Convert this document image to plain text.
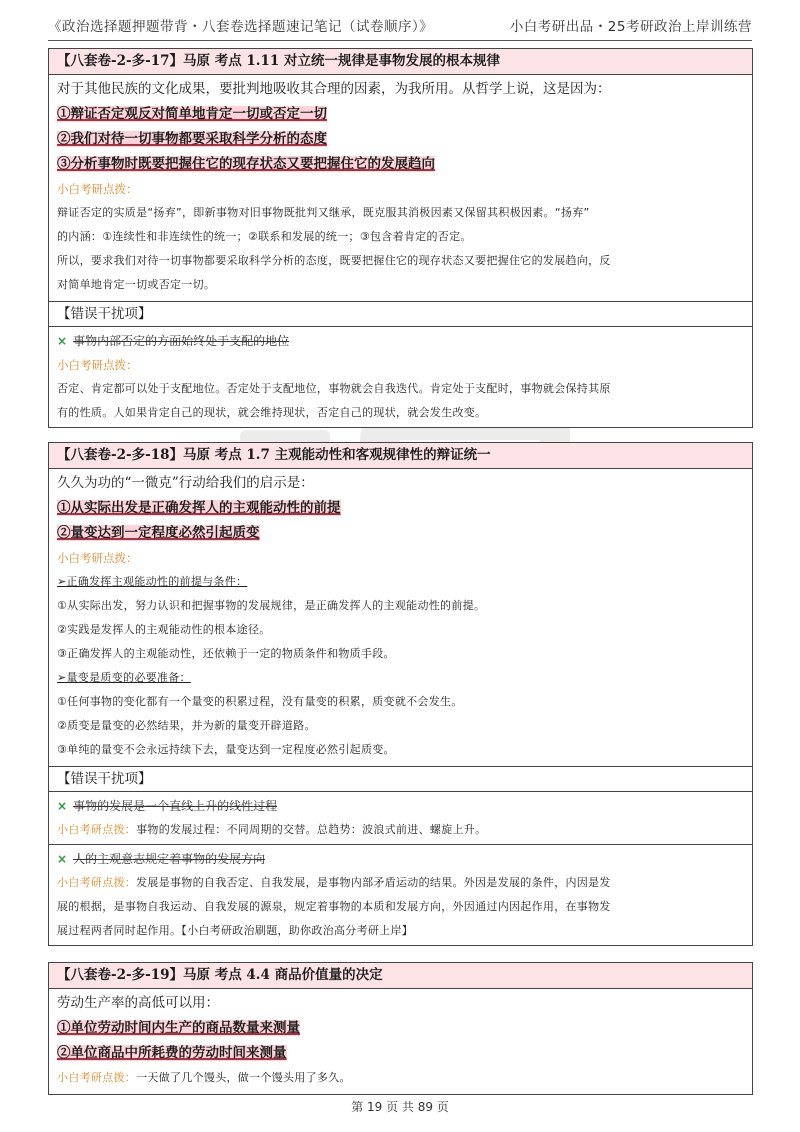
《政治选择题押题带背・八套卷选择题速记笔记（试卷顺序）》	小白考研出品・25考研政治上岸训练营
【八套卷-2-多-17】马原 考点 1.11 对立统一规律是事物发展的根本规律
对于其他民族的文化成果，要批判地吸收其合理的因素，为我所用。从哲学上说，这是因为：
①辩证否定观反对简单地肯定一切或否定一切
②我们对待一切事物都要采取科学分析的态度
③分析事物时既要把握住它的现存状态又要把握住它的发展趋向
小白考研点拨：
辩证否定的实质是“扬弃”，即新事物对旧事物既批判又继承，既克服其消极因素又保留其积极因素。“扬弃”
的内涵：①连续性和非连续性的统一；②联系和发展的统一；③包含着肯定的否定。
所以，要求我们对待一切事物都要采取科学分析的态度，既要把握住它的现存状态又要把握住它的发展趋向，反
对简单地肯定一切或否定一切。
【错误干扰项】
× 事物内部否定的方面始终处于支配的地位
小白考研点拨：
否定、肯定都可以处于支配地位。否定处于支配地位，事物就会自我迭代。肯定处于支配时，事物就会保持其原
有的性质。人如果肯定自己的现状，就会维持现状，否定自己的现状，就会发生改变。
【八套卷-2-多-18】马原 考点 1.7 主观能动性和客观规律性的辩证统一
久久为功的“一微克”行动给我们的启示是：
①从实际出发是正确发挥人的主观能动性的前提
②量变达到一定程度必然引起质变
小白考研点拨：
➢正确发挥主观能动性的前提与条件：
①从实际出发，努力认识和把握事物的发展规律，是正确发挥人的主观能动性的前提。
②实践是发挥人的主观能动性的根本途径。
③正确发挥人的主观能动性，还依赖于一定的物质条件和物质手段。
➢量变是质变的必要准备：
①任何事物的变化都有一个量变的积累过程，没有量变的积累，质变就不会发生。
②质变是量变的必然结果，并为新的量变开辟道路。
③单纯的量变不会永远持续下去，量变达到一定程度必然引起质变。
【错误干扰项】
× 事物的发展是一个直线上升的线性过程
小白考研点拨：事物的发展过程：不同周期的交替。总趋势：波浪式前进、螺旋上升。
× 人的主观意志规定着事物的发展方向
小白考研点拨：发展是事物的自我否定、自我发展，是事物内部矛盾运动的结果。外因是发展的条件，内因是发
展的根据，是事物自我运动、自我发展的源泉，规定着事物的本质和发展方向，外因通过内因起作用，在事物发
展过程两者同时起作用。【小白考研政治刷题，助你政治高分考研上岸】
【八套卷-2-多-19】马原 考点 4.4 商品价值量的决定
劳动生产率的高低可以用：
①单位劳动时间内生产的商品数量来测量
②单位商品中所耗费的劳动时间来测量
小白考研点拨：一天做了几个馒头，做一个馒头用了多久。
第 19 页 共 89 页
